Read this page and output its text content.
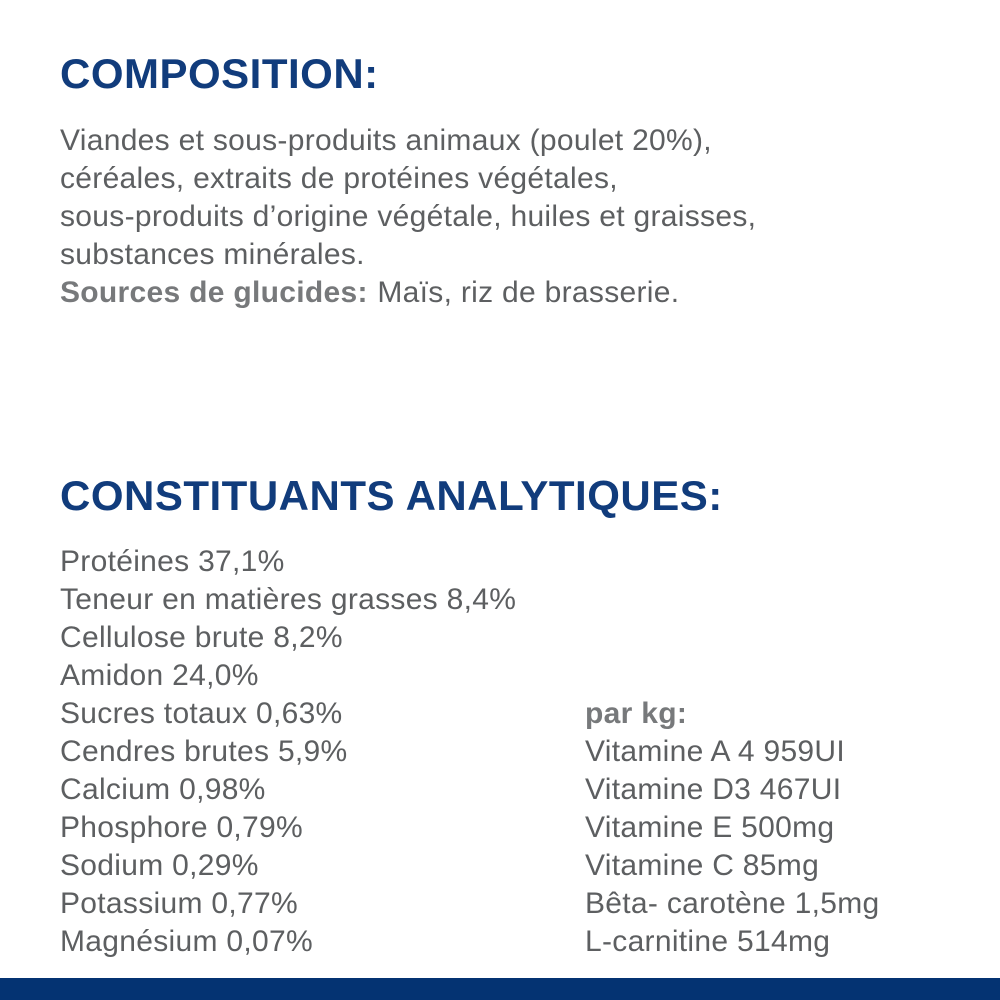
COMPOSITION:
Viandes et sous-produits animaux (poulet 20%),
céréales, extraits de protéines végétales,
sous-produits d’origine végétale, huiles et graisses,
substances minérales.
Sources de glucides: Maïs, riz de brasserie.
CONSTITUANTS ANALYTIQUES:
Protéines 37,1%
Teneur en matières grasses 8,4%
Cellulose brute 8,2%
Amidon 24,0%
Sucres totaux 0,63%
Cendres brutes 5,9%
Calcium 0,98%
Phosphore 0,79%
Sodium 0,29%
Potassium 0,77%
Magnésium 0,07%
par kg:
Vitamine A 4 959UI
Vitamine D3 467UI
Vitamine E 500mg
Vitamine C 85mg
Bêta- carotène 1,5mg
L-carnitine 514mg
